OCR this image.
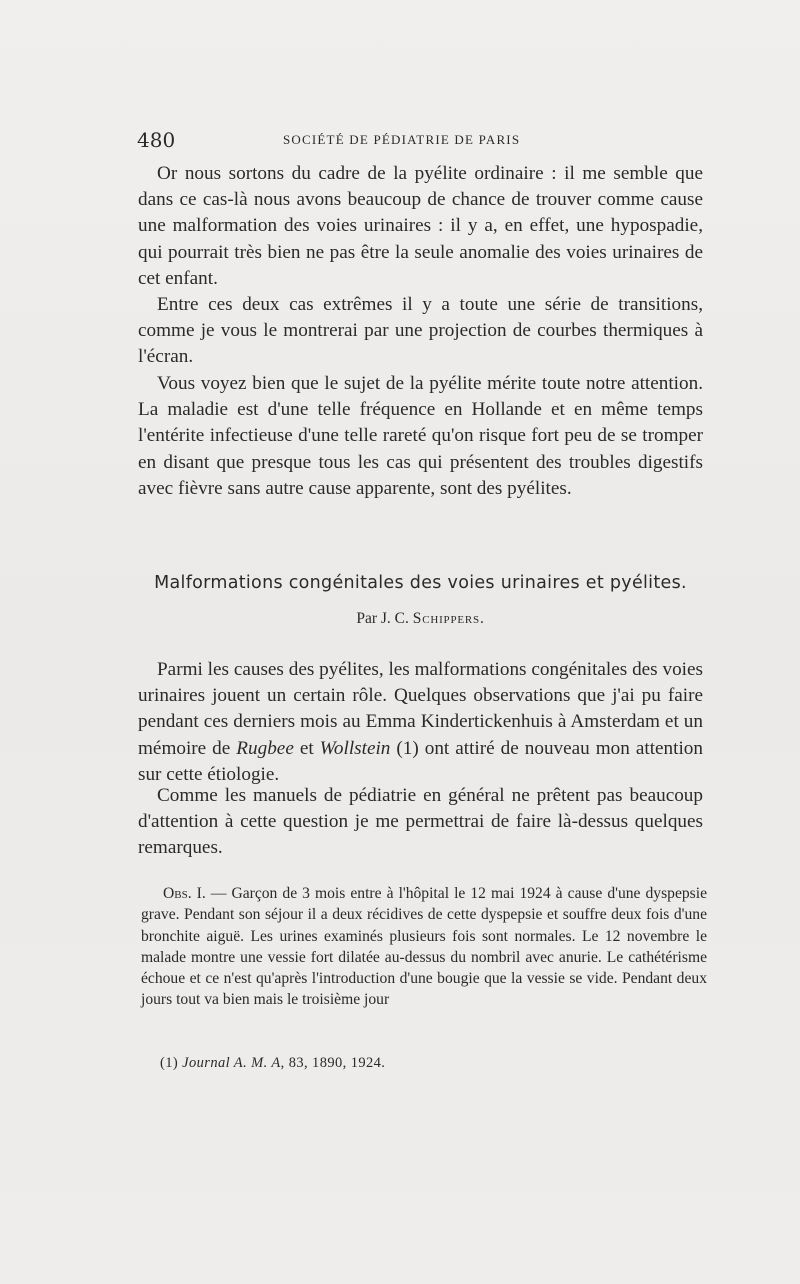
480	SOCIÉTÉ DE PÉDIATRIE DE PARIS

Or nous sortons du cadre de la pyélite ordinaire : il me semble que dans ce cas-là nous avons beaucoup de chance de trouver comme cause une malformation des voies urinaires : il y a, en effet, une hypospadie, qui pourrait très bien ne pas être la seule anomalie des voies urinaires de cet enfant.

Entre ces deux cas extrêmes il y a toute une série de transitions, comme je vous le montrerai par une projection de courbes thermiques à l'écran.

Vous voyez bien que le sujet de la pyélite mérite toute notre attention. La maladie est d'une telle fréquence en Hollande et en même temps l'entérite infectieuse d'une telle rareté qu'on risque fort peu de se tromper en disant que presque tous les cas qui présentent des troubles digestifs avec fièvre sans autre cause apparente, sont des pyélites.

Malformations congénitales des voies urinaires et pyélites.
Par J. C. Schippers.

Parmi les causes des pyélites, les malformations congénitales des voies urinaires jouent un certain rôle. Quelques observations que j'ai pu faire pendant ces derniers mois au Emma Kindertickenhuis à Amsterdam et un mémoire de Rugbee et Wollstein (1) ont attiré de nouveau mon attention sur cette étiologie.

Comme les manuels de pédiatrie en général ne prêtent pas beaucoup d'attention à cette question je me permettrai de faire là-dessus quelques remarques.

Obs. I. — Garçon de 3 mois entre à l'hôpital le 12 mai 1924 à cause d'une dyspepsie grave. Pendant son séjour il a deux récidives de cette dyspepsie et souffre deux fois d'une bronchite aiguë. Les urines examinés plusieurs fois sont normales. Le 12 novembre le malade montre une vessie fort dilatée au-dessus du nombril avec anurie. Le cathétérisme échoue et ce n'est qu'après l'introduction d'une bougie que la vessie se vide. Pendant deux jours tout va bien mais le troisième jour
(1) Journal A. M. A, 83, 1890, 1924.
